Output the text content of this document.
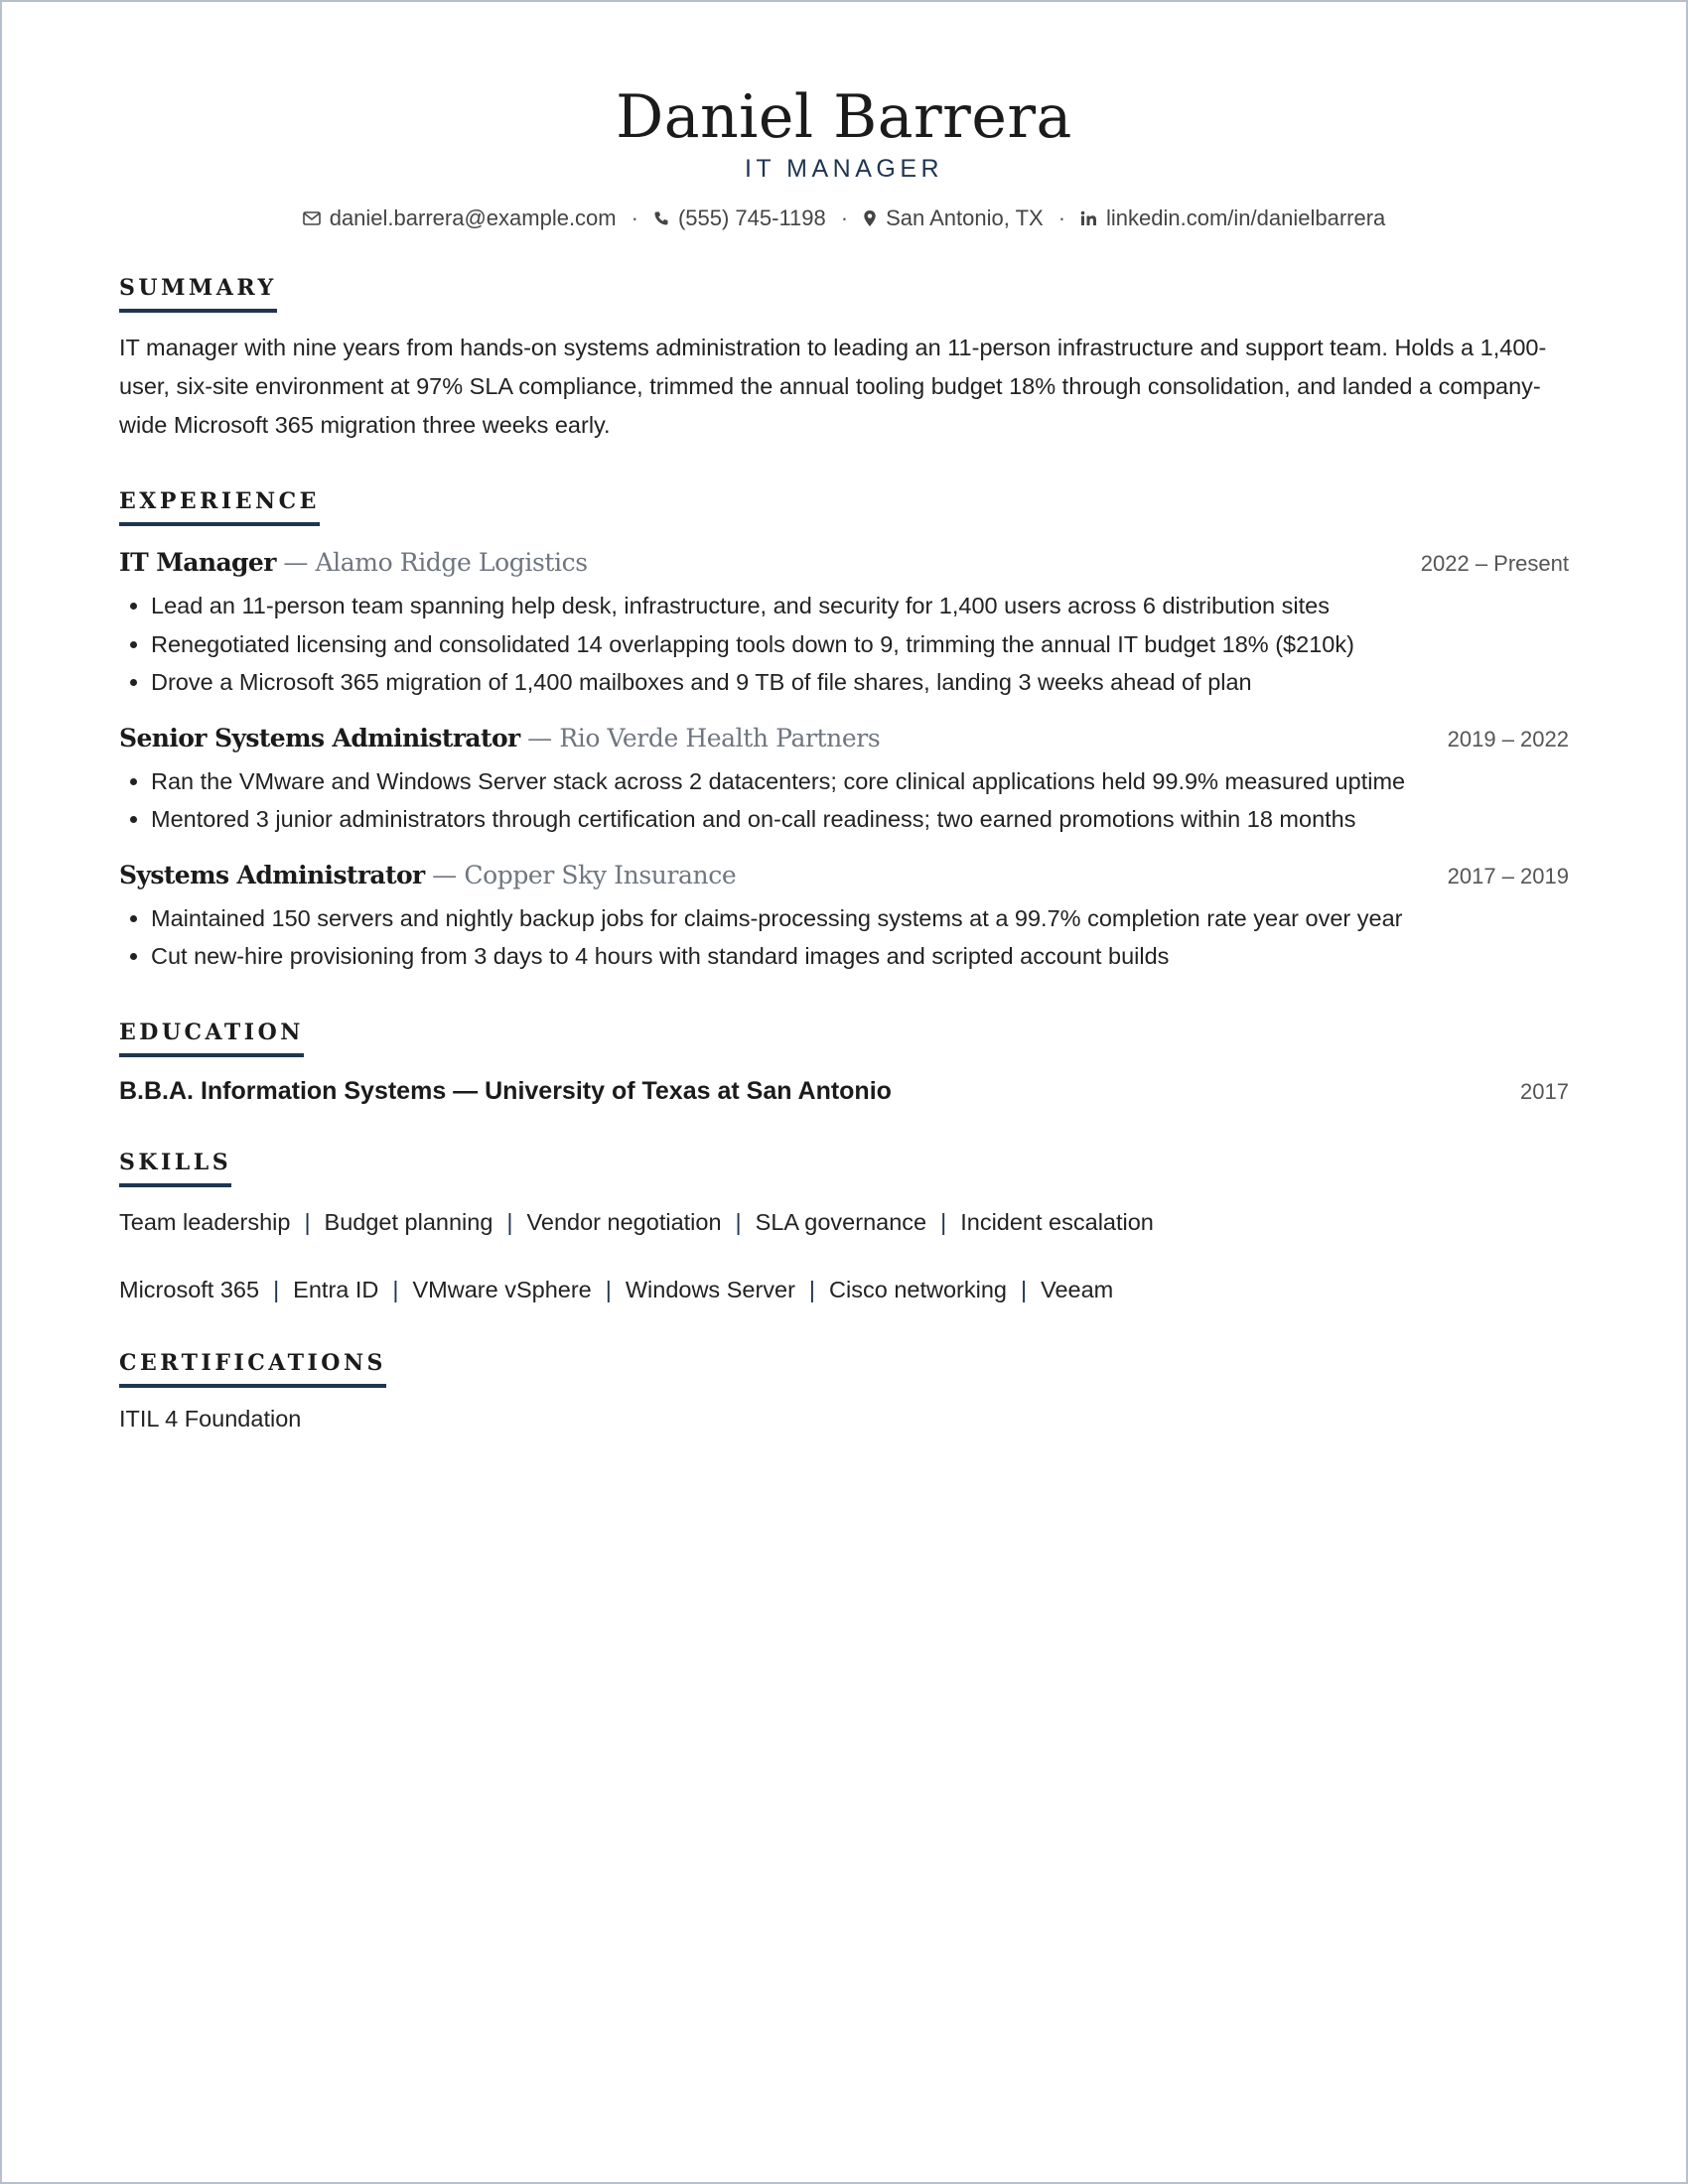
Daniel Barrera
IT MANAGER
daniel.barrera@example.com · (555) 745-1198 · San Antonio, TX · linkedin.com/in/danielbarrera
SUMMARY
IT manager with nine years from hands-on systems administration to leading an 11-person infrastructure and support team. Holds a 1,400-user, six-site environment at 97% SLA compliance, trimmed the annual tooling budget 18% through consolidation, and landed a company-wide Microsoft 365 migration three weeks early.
EXPERIENCE
IT Manager — Alamo Ridge Logistics	2022 – Present
• Lead an 11-person team spanning help desk, infrastructure, and security for 1,400 users across 6 distribution sites
• Renegotiated licensing and consolidated 14 overlapping tools down to 9, trimming the annual IT budget 18% ($210k)
• Drove a Microsoft 365 migration of 1,400 mailboxes and 9 TB of file shares, landing 3 weeks ahead of plan
Senior Systems Administrator — Rio Verde Health Partners	2019 – 2022
• Ran the VMware and Windows Server stack across 2 datacenters; core clinical applications held 99.9% measured uptime
• Mentored 3 junior administrators through certification and on-call readiness; two earned promotions within 18 months
Systems Administrator — Copper Sky Insurance	2017 – 2019
• Maintained 150 servers and nightly backup jobs for claims-processing systems at a 99.7% completion rate year over year
• Cut new-hire provisioning from 3 days to 4 hours with standard images and scripted account builds
EDUCATION
B.B.A. Information Systems — University of Texas at San Antonio	2017
SKILLS
Team leadership | Budget planning | Vendor negotiation | SLA governance | Incident escalation
Microsoft 365 | Entra ID | VMware vSphere | Windows Server | Cisco networking | Veeam
CERTIFICATIONS
ITIL 4 Foundation
